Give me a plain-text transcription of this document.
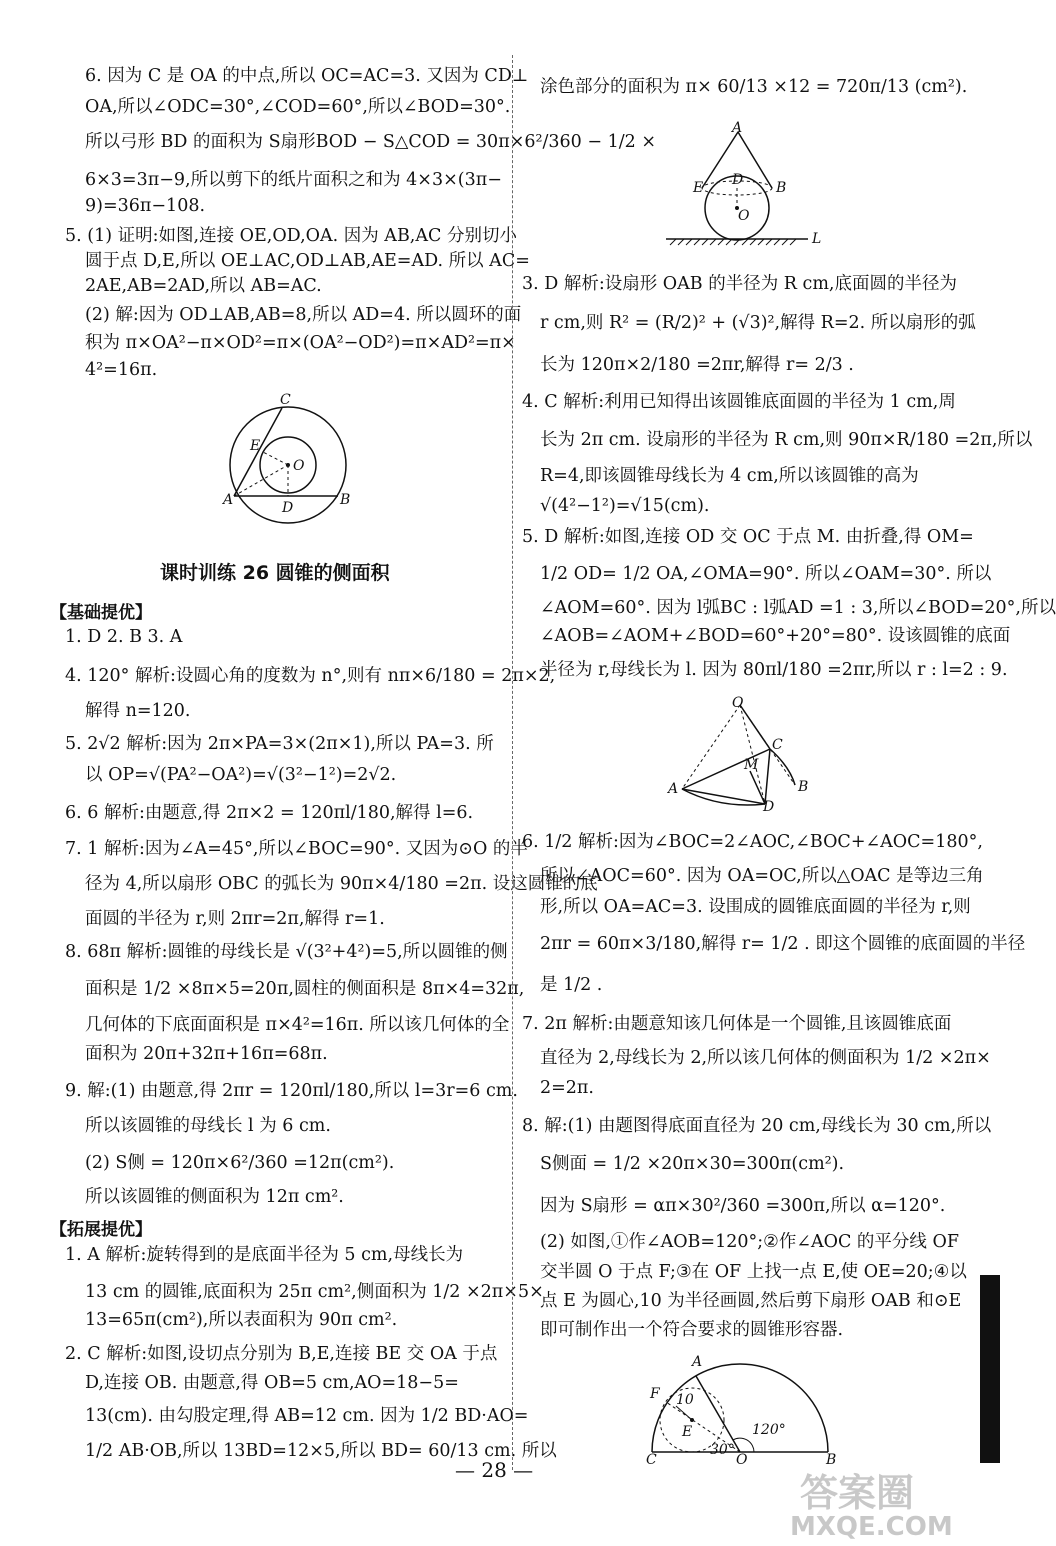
6. 因为 C 是 OA 的中点,所以 OC=AC=3. 又因为 CD⊥
OA,所以∠ODC=30°,∠COD=60°,所以∠BOD=30°.
所以弓形 BD 的面积为 S扇形BOD − S△COD = 30π×6²/360 − 1/2 ×
6×3=3π−9,所以剪下的纸片面积之和为 4×3×(3π−
9)=36π−108.
5. (1) 证明:如图,连接 OE,OD,OA. 因为 AB,AC 分别切小
圆于点 D,E,所以 OE⊥AC,OD⊥AB,AE=AD. 所以 AC=
2AE,AB=2AD,所以 AB=AC.
(2) 解:因为 OD⊥AB,AB=8,所以 AD=4. 所以圆环的面
积为 π×OA²−π×OD²=π×(OA²−OD²)=π×AD²=π×
4²=16π.
C
E
O
A	D	B
课时训练 26 圆锥的侧面积
【基础提优】
1. D 2. B 3. A
4. 120° 解析:设圆心角的度数为 n°,则有 nπ×6/180 = 2π×2,
解得 n=120.
5. 2√2 解析:因为 2π×PA=3×(2π×1),所以 PA=3. 所
以 OP=√(PA²−OA²)=√(3²−1²)=2√2.
6. 6 解析:由题意,得 2π×2 = 120πl/180,解得 l=6.
7. 1 解析:因为∠A=45°,所以∠BOC=90°. 又因为⊙O 的半
径为 4,所以扇形 OBC 的弧长为 90π×4/180 =2π. 设这圆锥的底
面圆的半径为 r,则 2πr=2π,解得 r=1.
8. 68π 解析:圆锥的母线长是 √(3²+4²)=5,所以圆锥的侧
面积是 1/2 ×8π×5=20π,圆柱的侧面积是 8π×4=32π,
几何体的下底面面积是 π×4²=16π. 所以该几何体的全
面积为 20π+32π+16π=68π.
9. 解:(1) 由题意,得 2πr = 120πl/180,所以 l=3r=6 cm.
所以该圆锥的母线长 l 为 6 cm.
(2) S侧 = 120π×6²/360 =12π(cm²).
所以该圆锥的侧面积为 12π cm².
【拓展提优】
1. A 解析:旋转得到的是底面半径为 5 cm,母线长为
13 cm 的圆锥,底面积为 25π cm²,侧面积为 1/2 ×2π×5×
13=65π(cm²),所以表面积为 90π cm².
2. C 解析:如图,设切点分别为 B,E,连接 BE 交 OA 于点
D,连接 OB. 由题意,得 OB=5 cm,AO=18−5=
13(cm). 由勾股定理,得 AB=12 cm. 因为 1/2 BD·AO=
1/2 AB·OB,所以 13BD=12×5,所以 BD= 60/13 cm. 所以
涂色部分的面积为 π× 60/13 ×12 = 720π/13 (cm²).
A
E D B
O
L
3. D 解析:设扇形 OAB 的半径为 R cm,底面圆的半径为
r cm,则 R² = (R/2)² + (√3)²,解得 R=2. 所以扇形的弧
长为 120π×2/180 =2πr,解得 r= 2/3 .
4. C 解析:利用已知得出该圆锥底面圆的半径为 1 cm,周
长为 2π cm. 设扇形的半径为 R cm,则 90π×R/180 =2π,所以
R=4,即该圆锥母线长为 4 cm,所以该圆锥的高为
√(4²−1²)=√15(cm).
5. D 解析:如图,连接 OD 交 OC 于点 M. 由折叠,得 OM=
1/2 OD= 1/2 OA,∠OMA=90°. 所以∠OAM=30°. 所以
∠AOM=60°. 因为 l弧BC : l弧AD =1 : 3,所以∠BOD=20°,所以
∠AOB=∠AOM+∠BOD=60°+20°=80°. 设该圆锥的底面
半径为 r,母线长为 l. 因为 80πl/180 =2πr,所以 r : l=2 : 9.
O
C
M
A
D
B
6. 1/2 解析:因为∠BOC=2∠AOC,∠BOC+∠AOC=180°,
所以∠AOC=60°. 因为 OA=OC,所以△OAC 是等边三角
形,所以 OA=AC=3. 设围成的圆锥底面圆的半径为 r,则
2πr = 60π×3/180,解得 r= 1/2 . 即这个圆锥的底面圆的半径
是 1/2 .
7. 2π 解析:由题意知该几何体是一个圆锥,且该圆锥底面
直径为 2,母线长为 2,所以该几何体的侧面积为 1/2 ×2π×
2=2π.
8. 解:(1) 由题图得底面直径为 20 cm,母线长为 30 cm,所以
S侧面 = 1/2 ×20π×30=300π(cm²).
因为 S扇形 = απ×30²/360 =300π,所以 α=120°.
(2) 如图,①作∠AOB=120°;②作∠AOC 的平分线 OF
交半圆 O 于点 F;③在 OF 上找一点 E,使 OE=20;④以
点 E 为圆心,10 为半径画圆,然后剪下扇形 OAB 和⊙E
即可制作出一个符合要求的圆锥形容器.
A
F 10
E	120°
30°
C	O	B
— 28 —
答案圈
MXQE.COM
